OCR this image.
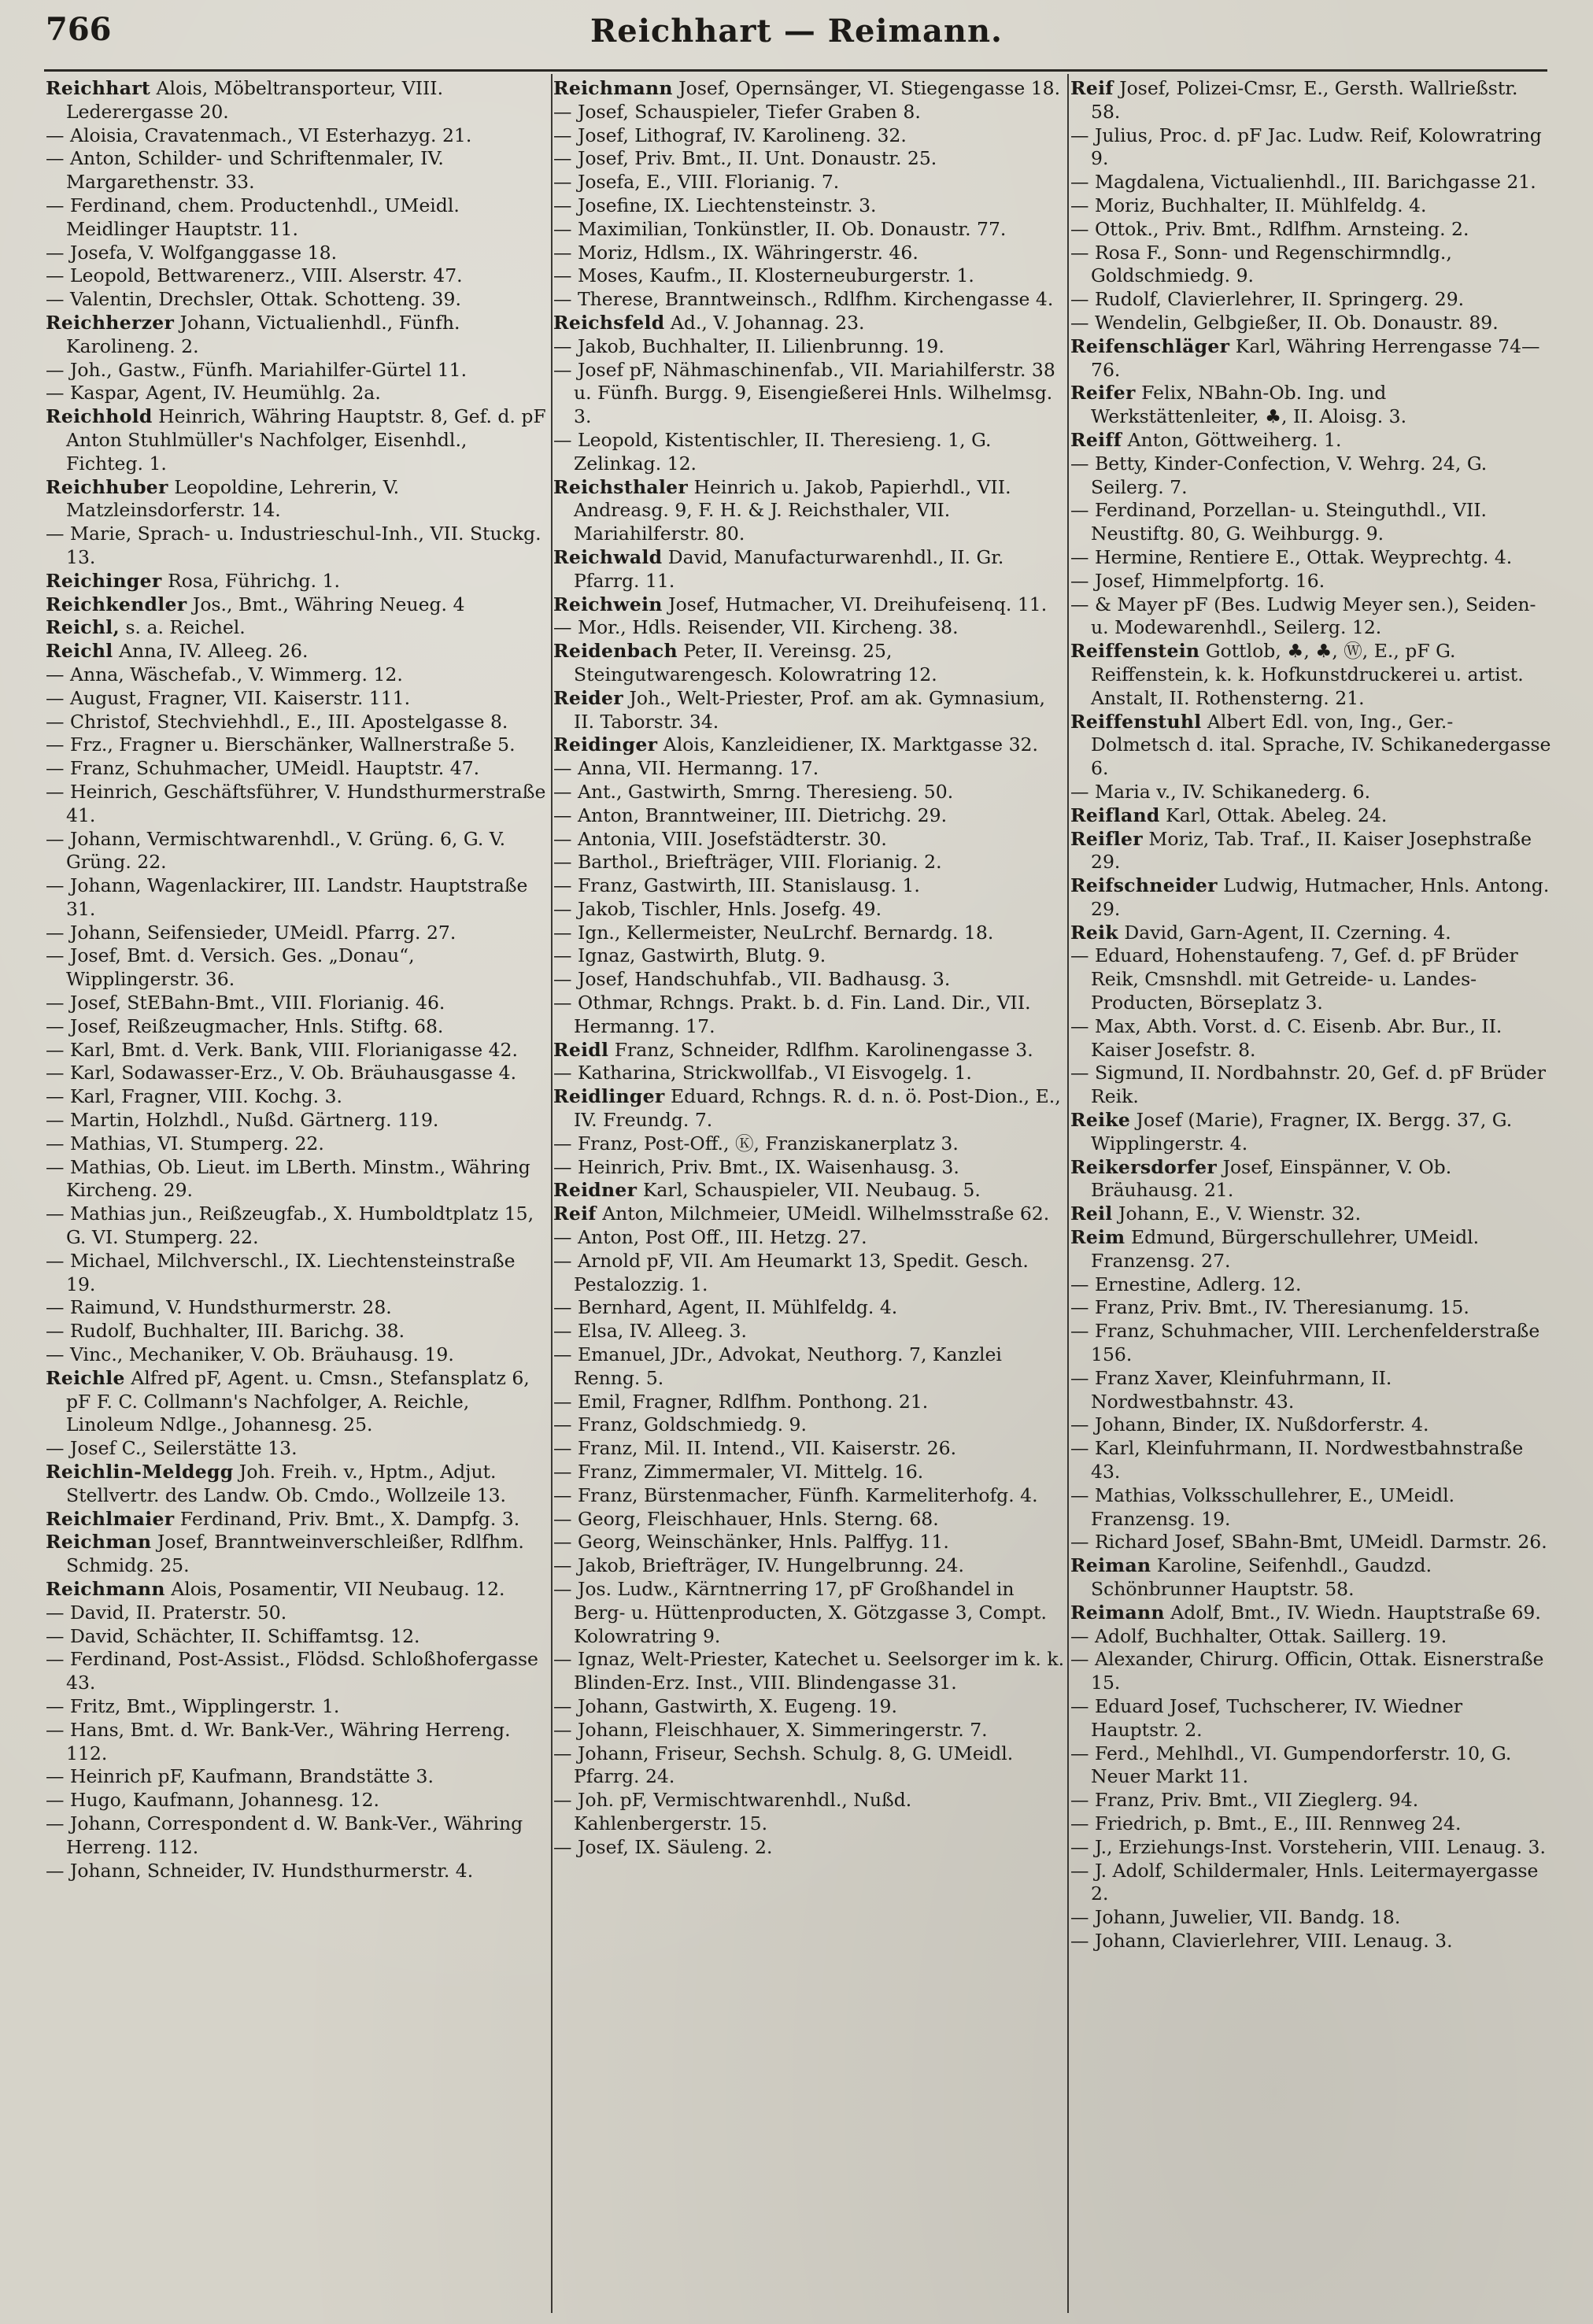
766	Reichhart — Reimann.

Reichhart Alois, Möbeltransporteur, VIII. Lederergasse 20.

— Aloisia, Cravatenmach., VI Esterhazyg. 21.

— Anton, Schilder- und Schriftenmaler, IV. Margarethenstr. 33.

— Ferdinand, chem. Productenhdl., UMeidl. Meidlinger Hauptstr. 11.

— Josefa, V. Wolfganggasse 18.

— Leopold, Bettwarenerz., VIII. Alserstr. 47.

— Valentin, Drechsler, Ottak. Schotteng. 39.

Reichherzer Johann, Victualienhdl., Fünfh. Karolineng. 2.

— Joh., Gastw., Fünfh. Mariahilfer-Gürtel 11.

— Kaspar, Agent, IV. Heumühlg. 2a.

Reichhold Heinrich, Währing Hauptstr. 8, Gef. d. pF Anton Stuhlmüller's Nachfolger, Eisenhdl., Fichteg. 1.

Reichhuber Leopoldine, Lehrerin, V. Matzleinsdorferstr. 14.

— Marie, Sprach- u. Industrieschul-Inh., VII. Stuckg. 13.

Reichinger Rosa, Führichg. 1.

Reichkendler Jos., Bmt., Währing Neueg. 4

Reichl, s. a. Reichel.

Reichl Anna, IV. Alleeg. 26.

— Anna, Wäschefab., V. Wimmerg. 12.

— August, Fragner, VII. Kaiserstr. 111.

— Christof, Stechviehhdl., E., III. Apostelgasse 8.

— Frz., Fragner u. Bierschänker, Wallnerstraße 5.

— Franz, Schuhmacher, UMeidl. Hauptstr. 47.

— Heinrich, Geschäftsführer, V. Hundsthurmerstraße 41.

— Johann, Vermischtwarenhdl., V. Grüng. 6, G. V. Grüng. 22.

— Johann, Wagenlackirer, III. Landstr. Hauptstraße 31.

— Johann, Seifensieder, UMeidl. Pfarrg. 27.

— Josef, Bmt. d. Versich. Ges. „Donau“, Wipplingerstr. 36.

— Josef, StEBahn-Bmt., VIII. Florianig. 46.

— Josef, Reißzeugmacher, Hnls. Stiftg. 68.

— Karl, Bmt. d. Verk. Bank, VIII. Florianigasse 42.

— Karl, Sodawasser-Erz., V. Ob. Bräuhausgasse 4.

— Karl, Fragner, VIII. Kochg. 3.

— Martin, Holzhdl., Nußd. Gärtnerg. 119.

— Mathias, VI. Stumperg. 22.

— Mathias, Ob. Lieut. im LBerth. Minstm., Währing Kircheng. 29.

— Mathias jun., Reißzeugfab., X. Humboldtplatz 15, G. VI. Stumperg. 22.

— Michael, Milchverschl., IX. Liechtensteinstraße 19.

— Raimund, V. Hundsthurmerstr. 28.

— Rudolf, Buchhalter, III. Barichg. 38.

— Vinc., Mechaniker, V. Ob. Bräuhausg. 19.

Reichle Alfred pF, Agent. u. Cmsn., Stefansplatz 6, pF F. C. Collmann's Nachfolger, A. Reichle, Linoleum Ndlge., Johannesg. 25.

— Josef C., Seilerstätte 13.

Reichlin-Meldegg Joh. Freih. v., Hptm., Adjut. Stellvertr. des Landw. Ob. Cmdo., Wollzeile 13.

Reichlmaier Ferdinand, Priv. Bmt., X. Dampfg. 3.

Reichman Josef, Branntweinverschleißer, Rdlfhm. Schmidg. 25.

Reichmann Alois, Posamentir, VII Neubaug. 12.

— David, II. Praterstr. 50.

— David, Schächter, II. Schiffamtsg. 12.

— Ferdinand, Post-Assist., Flödsd. Schloßhofergasse 43.

— Fritz, Bmt., Wipplingerstr. 1.

— Hans, Bmt. d. Wr. Bank-Ver., Währing Herreng. 112.

— Heinrich pF, Kaufmann, Brandstätte 3.

— Hugo, Kaufmann, Johannesg. 12.

— Johann, Correspondent d. W. Bank-Ver., Währing Herreng. 112.

— Johann, Schneider, IV. Hundsthurmerstr. 4.

Reichmann Josef, Opernsänger, VI. Stiegengasse 18.

— Josef, Schauspieler, Tiefer Graben 8.

— Josef, Lithograf, IV. Karolineng. 32.

— Josef, Priv. Bmt., II. Unt. Donaustr. 25.

— Josefa, E., VIII. Florianig. 7.

— Josefine, IX. Liechtensteinstr. 3.

— Maximilian, Tonkünstler, II. Ob. Donaustr. 77.

— Moriz, Hdlsm., IX. Währingerstr. 46.

— Moses, Kaufm., II. Klosterneuburgerstr. 1.

— Therese, Branntweinsch., Rdlfhm. Kirchengasse 4.

Reichsfeld Ad., V. Johannag. 23.

— Jakob, Buchhalter, II. Lilienbrunng. 19.

— Josef pF, Nähmaschinenfab., VII. Mariahilferstr. 38 u. Fünfh. Burgg. 9, Eisengießerei Hnls. Wilhelmsg. 3.

— Leopold, Kistentischler, II. Theresieng. 1, G. Zelinkag. 12.

Reichsthaler Heinrich u. Jakob, Papierhdl., VII. Andreasg. 9, F. H. & J. Reichsthaler, VII. Mariahilferstr. 80.

Reichwald David, Manufacturwarenhdl., II. Gr. Pfarrg. 11.

Reichwein Josef, Hutmacher, VI. Dreihufeisenq. 11.

— Mor., Hdls. Reisender, VII. Kircheng. 38.

Reidenbach Peter, II. Vereinsg. 25, Steingutwarengesch. Kolowratring 12.

Reider Joh., Welt-Priester, Prof. am ak. Gymnasium, II. Taborstr. 34.

Reidinger Alois, Kanzleidiener, IX. Marktgasse 32.

— Anna, VII. Hermanng. 17.

— Ant., Gastwirth, Smrng. Theresieng. 50.

— Anton, Branntweiner, III. Dietrichg. 29.

— Antonia, VIII. Josefstädterstr. 30.

— Barthol., Briefträger, VIII. Florianig. 2.

— Franz, Gastwirth, III. Stanislausg. 1.

— Jakob, Tischler, Hnls. Josefg. 49.

— Ign., Kellermeister, NeuLrchf. Bernardg. 18.

— Ignaz, Gastwirth, Blutg. 9.

— Josef, Handschuhfab., VII. Badhausg. 3.

— Othmar, Rchngs. Prakt. b. d. Fin. Land. Dir., VII. Hermanng. 17.

Reidl Franz, Schneider, Rdlfhm. Karolinengasse 3.

— Katharina, Strickwollfab., VI Eisvogelg. 1.

Reidlinger Eduard, Rchngs. R. d. n. ö. Post-Dion., E., IV. Freundg. 7.

— Franz, Post-Off., Ⓚ, Franziskanerplatz 3.

— Heinrich, Priv. Bmt., IX. Waisenhausg. 3.

Reidner Karl, Schauspieler, VII. Neubaug. 5.

Reif Anton, Milchmeier, UMeidl. Wilhelmsstraße 62.

— Anton, Post Off., III. Hetzg. 27.

— Arnold pF, VII. Am Heumarkt 13, Spedit. Gesch. Pestalozzig. 1.

— Bernhard, Agent, II. Mühlfeldg. 4.

— Elsa, IV. Alleeg. 3.

— Emanuel, JDr., Advokat, Neuthorg. 7, Kanzlei Renng. 5.

— Emil, Fragner, Rdlfhm. Ponthong. 21.

— Franz, Goldschmiedg. 9.

— Franz, Mil. II. Intend., VII. Kaiserstr. 26.

— Franz, Zimmermaler, VI. Mittelg. 16.

— Franz, Bürstenmacher, Fünfh. Karmeliterhofg. 4.

— Georg, Fleischhauer, Hnls. Sterng. 68.

— Georg, Weinschänker, Hnls. Palffyg. 11.

— Jakob, Briefträger, IV. Hungelbrunng. 24.

— Jos. Ludw., Kärntnerring 17, pF Großhandel in Berg- u. Hüttenproducten, X. Götzgasse 3, Compt. Kolowratring 9.

— Ignaz, Welt-Priester, Katechet u. Seelsorger im k. k. Blinden-Erz. Inst., VIII. Blindengasse 31.

— Johann, Gastwirth, X. Eugeng. 19.

— Johann, Fleischhauer, X. Simmeringerstr. 7.

— Johann, Friseur, Sechsh. Schulg. 8, G. UMeidl. Pfarrg. 24.

— Joh. pF, Vermischtwarenhdl., Nußd. Kahlenbergerstr. 15.

— Josef, IX. Säuleng. 2.

Reif Josef, Polizei-Cmsr, E., Gersth. Wallrießstr. 58.

— Julius, Proc. d. pF Jac. Ludw. Reif, Kolowratring 9.

— Magdalena, Victualienhdl., III. Barichgasse 21.

— Moriz, Buchhalter, II. Mühlfeldg. 4.

— Ottok., Priv. Bmt., Rdlfhm. Arnsteing. 2.

— Rosa F., Sonn- und Regenschirmndlg., Goldschmiedg. 9.

— Rudolf, Clavierlehrer, II. Springerg. 29.

— Wendelin, Gelbgießer, II. Ob. Donaustr. 89.

Reifenschläger Karl, Währing Herrengasse 74—76.

Reifer Felix, NBahn-Ob. Ing. und Werkstättenleiter, ♣, II. Aloisg. 3.

Reiff Anton, Göttweiherg. 1.

— Betty, Kinder-Confection, V. Wehrg. 24, G. Seilerg. 7.

— Ferdinand, Porzellan- u. Steinguthdl., VII. Neustiftg. 80, G. Weihburgg. 9.

— Hermine, Rentiere E., Ottak. Weyprechtg. 4.

— Josef, Himmelpfortg. 16.

— & Mayer pF (Bes. Ludwig Meyer sen.), Seiden- u. Modewarenhdl., Seilerg. 12.

Reiffenstein Gottlob, ♣, ♣, Ⓦ, E., pF G. Reiffenstein, k. k. Hofkunstdruckerei u. artist. Anstalt, II. Rothensterng. 21.

Reiffenstuhl Albert Edl. von, Ing., Ger.-Dolmetsch d. ital. Sprache, IV. Schikanedergasse 6.

— Maria v., IV. Schikanederg. 6.

Reifland Karl, Ottak. Abeleg. 24.

Reifler Moriz, Tab. Traf., II. Kaiser Josephstraße 29.

Reifschneider Ludwig, Hutmacher, Hnls. Antong. 29.

Reik David, Garn-Agent, II. Czerning. 4.

— Eduard, Hohenstaufeng. 7, Gef. d. pF Brüder Reik, Cmsnshdl. mit Getreide- u. Landes-Producten, Börseplatz 3.

— Max, Abth. Vorst. d. C. Eisenb. Abr. Bur., II. Kaiser Josefstr. 8.

— Sigmund, II. Nordbahnstr. 20, Gef. d. pF Brüder Reik.

Reike Josef (Marie), Fragner, IX. Bergg. 37, G. Wipplingerstr. 4.

Reikersdorfer Josef, Einspänner, V. Ob. Bräuhausg. 21.

Reil Johann, E., V. Wienstr. 32.

Reim Edmund, Bürgerschullehrer, UMeidl. Franzensg. 27.

— Ernestine, Adlerg. 12.

— Franz, Priv. Bmt., IV. Theresianumg. 15.

— Franz, Schuhmacher, VIII. Lerchenfelderstraße 156.

— Franz Xaver, Kleinfuhrmann, II. Nordwestbahnstr. 43.

— Johann, Binder, IX. Nußdorferstr. 4.

— Karl, Kleinfuhrmann, II. Nordwestbahnstraße 43.

— Mathias, Volksschullehrer, E., UMeidl. Franzensg. 19.

— Richard Josef, SBahn-Bmt, UMeidl. Darmstr. 26.

Reiman Karoline, Seifenhdl., Gaudzd. Schönbrunner Hauptstr. 58.

Reimann Adolf, Bmt., IV. Wiedn. Hauptstraße 69.

— Adolf, Buchhalter, Ottak. Saillerg. 19.

— Alexander, Chirurg. Officin, Ottak. Eisnerstraße 15.

— Eduard Josef, Tuchscherer, IV. Wiedner Hauptstr. 2.

— Ferd., Mehlhdl., VI. Gumpendorferstr. 10, G. Neuer Markt 11.

— Franz, Priv. Bmt., VII Zieglerg. 94.

— Friedrich, p. Bmt., E., III. Rennweg 24.

— J., Erziehungs-Inst. Vorsteherin, VIII. Lenaug. 3.

— J. Adolf, Schildermaler, Hnls. Leitermayergasse 2.

— Johann, Juwelier, VII. Bandg. 18.

— Johann, Clavierlehrer, VIII. Lenaug. 3.
